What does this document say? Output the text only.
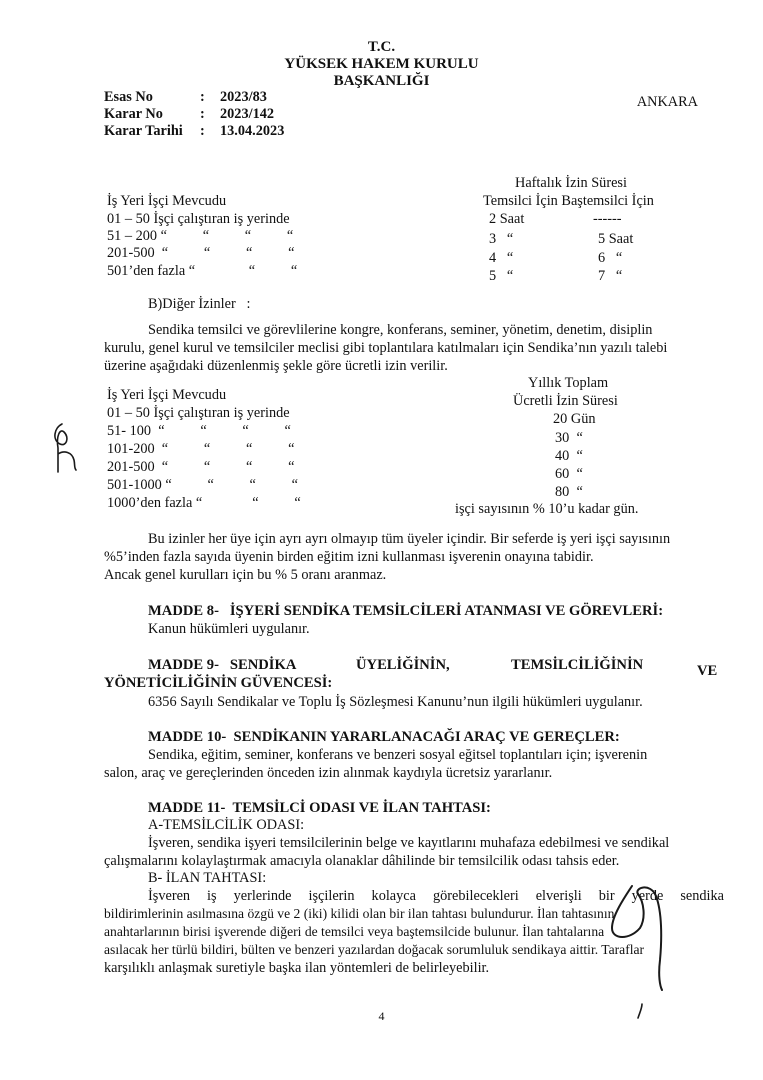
T.C.
YÜKSEK HAKEM KURULU
BAŞKANLIĞI
ANKARA
Esas No	: 2023/83
Karar No	: 2023/142
Karar Tarihi : 13.04.2023
Haftalık İzin Süresi
İş Yeri İşçi Mevcudu	Temsilci İçin Baştemsilci İçin
01 – 50 İşçi çalıştıran iş yerinde	2 Saat	------
51 – 200 “          “          “          “	3   “	5 Saat
201-500  “          “          “          “	4   “	6   “
501’den fazla “               “          “	5   “	7   “
B)Diğer İzinler   :
Sendika temsilci ve görevlilerine kongre, konferans, seminer, yönetim, denetim, disiplin
kurulu, genel kurul ve temsilciler meclisi gibi toplantılara katılmaları için Sendika’nın yazılı talebi
üzerine aşağıdaki düzenlenmiş şekle göre ücretli izin verilir.
Yıllık Toplam
İş Yeri İşçi Mevcudu	Ücretli İzin Süresi
01 – 50 İşçi çalıştıran iş yerinde	20 Gün
51- 100  “          “          “          “	30  “
101-200  “          “          “          “	40  “
201-500  “          “          “          “	60  “
501-1000 “          “          “          “	80  “
1000’den fazla “              “          “	işçi sayısının % 10’u kadar gün.
Bu izinler her üye için ayrı ayrı olmayıp tüm üyeler içindir. Bir seferde iş yeri işçi sayısının
%5’inden fazla sayıda üyenin birden eğitim izni kullanması işverenin onayına tabidir.
Ancak genel kurulları için bu % 5 oranı aranmaz.
MADDE 8-   İŞYERİ SENDİKA TEMSİLCİLERİ ATANMASI VE GÖREVLERİ:
Kanun hükümleri uygulanır.
MADDE 9-   SENDİKA	ÜYELİĞİNİN,	TEMSİLCİLİĞİNİN	VE
YÖNETİCİLİĞİNİN GÜVENCESİ:
6356 Sayılı Sendikalar ve Toplu İş Sözleşmesi Kanunu’nun ilgili hükümleri uygulanır.
MADDE 10-  SENDİKANIN YARARLANACAĞI ARAÇ VE GEREÇLER:
Sendika, eğitim, seminer, konferans ve benzeri sosyal eğitsel toplantıları için; işverenin
salon, araç ve gereçlerinden önceden izin alınmak kaydıyla ücretsiz yararlanır.
MADDE 11-  TEMSİLCİ ODASI VE İLAN TAHTASI:
A-TEMSİLCİLİK ODASI:
İşveren, sendika işyeri temsilcilerinin belge ve kayıtlarını muhafaza edebilmesi ve sendikal
çalışmalarını kolaylaştırmak amacıyla olanaklar dâhilinde bir temsilcilik odası tahsis eder.
B- İLAN TAHTASI:
İşveren iş yerlerinde işçilerin kolayca görebilecekleri elverişli bir yerde sendika
bildirimlerinin asılmasına özgü ve 2 (iki) kilidi olan bir ilan tahtası bulundurur. İlan tahtasının
anahtarlarının birisi işverende diğeri de temsilci veya baştemsilcide bulunur. İlan tahtalarına
asılacak her türlü bildiri, bülten ve benzeri yazılardan doğacak sorumluluk sendikaya aittir. Taraflar
karşılıklı anlaşmak suretiyle başka ilan yöntemleri de belirleyebilir.
4
